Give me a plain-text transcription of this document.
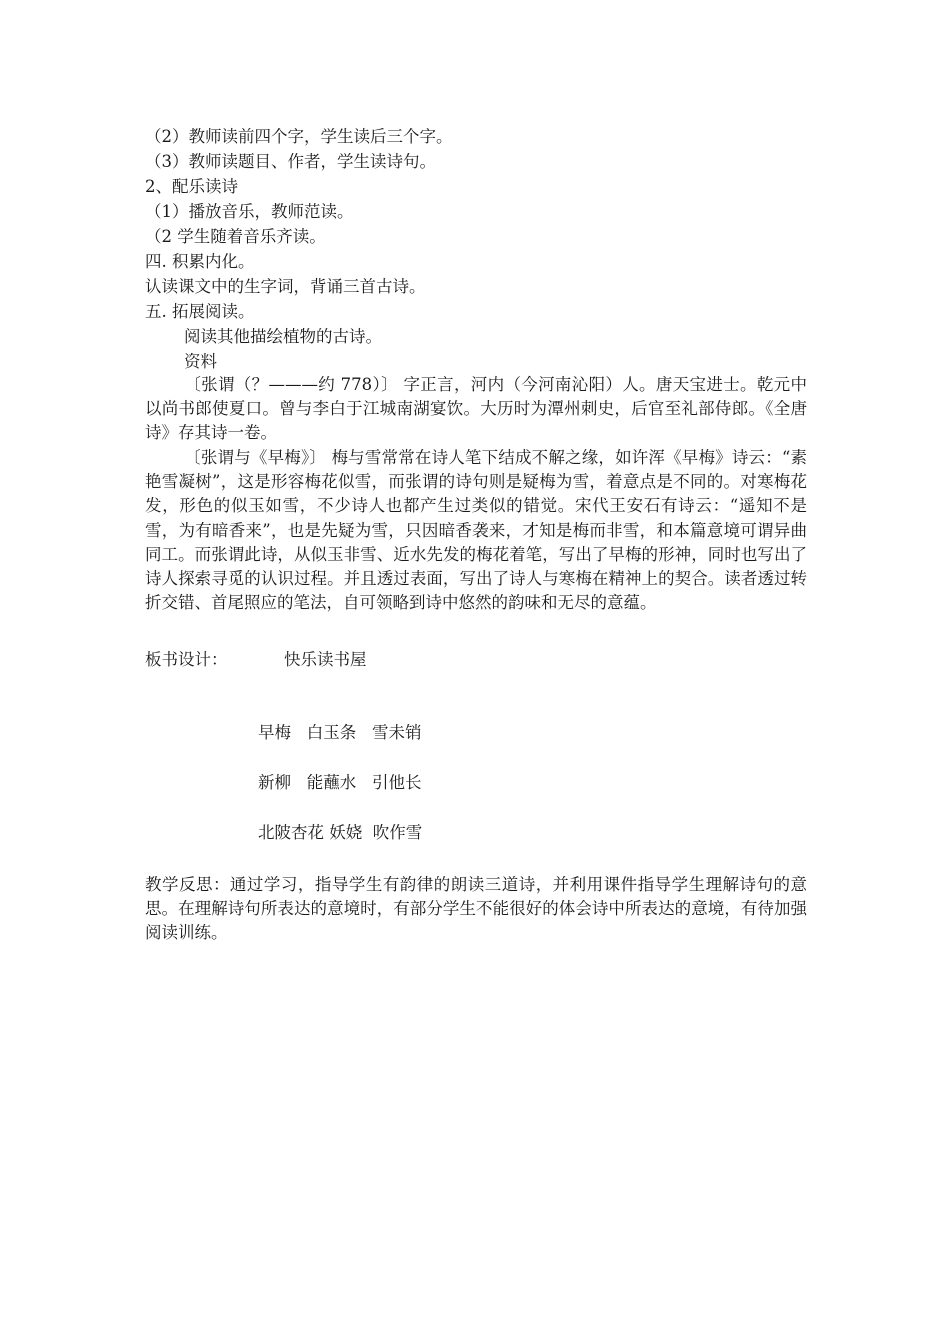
（2）教师读前四个字，学生读后三个字。
（3）教师读题目、作者，学生读诗句。
2、配乐读诗
（1）播放音乐，教师范读。
（2 学生随着音乐齐读。
四. 积累内化。
认读课文中的生字词，背诵三首古诗。
五. 拓展阅读。
阅读其他描绘植物的古诗。
资料
〔张谓（？———约 778）〕 字正言，河内（今河南沁阳）人。唐天宝进士。乾元中以尚书郎使夏口。曾与李白于江城南湖宴饮。大历时为潭州刺史，后官至礼部侍郎。《全唐诗》存其诗一卷。
〔张谓与《早梅》〕 梅与雪常常在诗人笔下结成不解之缘，如许浑《早梅》诗云：“素艳雪凝树”，这是形容梅花似雪，而张谓的诗句则是疑梅为雪，着意点是不同的。对寒梅花发，形色的似玉如雪，不少诗人也都产生过类似的错觉。宋代王安石有诗云：“遥知不是雪，为有暗香来”，也是先疑为雪，只因暗香袭来，才知是梅而非雪，和本篇意境可谓异曲同工。而张谓此诗，从似玉非雪、近水先发的梅花着笔，写出了早梅的形神，同时也写出了诗人探索寻觅的认识过程。并且透过表面，写出了诗人与寒梅在精神上的契合。读者透过转折交错、首尾照应的笔法，自可领略到诗中悠然的韵味和无尽的意蕴。
板书设计：	快乐读书屋
早梅   白玉条   雪未销
新柳   能蘸水   引他长
北陂杏花 妖娆  吹作雪
教学反思：通过学习，指导学生有韵律的朗读三道诗，并利用课件指导学生理解诗句的意思。在理解诗句所表达的意境时，有部分学生不能很好的体会诗中所表达的意境，有待加强阅读训练。
